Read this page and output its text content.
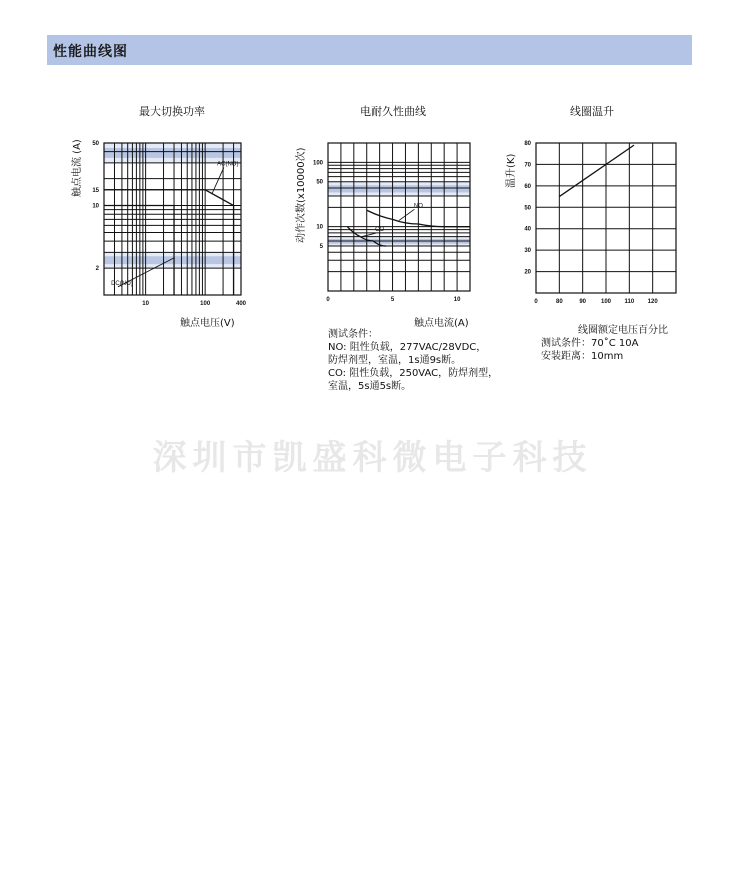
性能曲线图
最大切换功率
10	100	400
50
15
10
2
AC(NO)
DC(NO)
触点电流 (A)
触点电压(V)
电耐久性曲线
0	5	10
100
50
10
5
NO
CO
动作次数(x10000次)
触点电流(A)
测试条件：
NO: 阻性负载，277VAC/28VDC，
防焊剂型，室温，1s通9s断。
CO: 阻性负载，250VAC，防焊剂型，
室温，5s通5s断。
线圈温升
0	80	90 100 110 120
80
70
60
50
40
30
20
温升(K)
线圈额定电压百分比
测试条件：70˚C 10A
安装距离：10mm
深圳市凯盛科微电子科技
